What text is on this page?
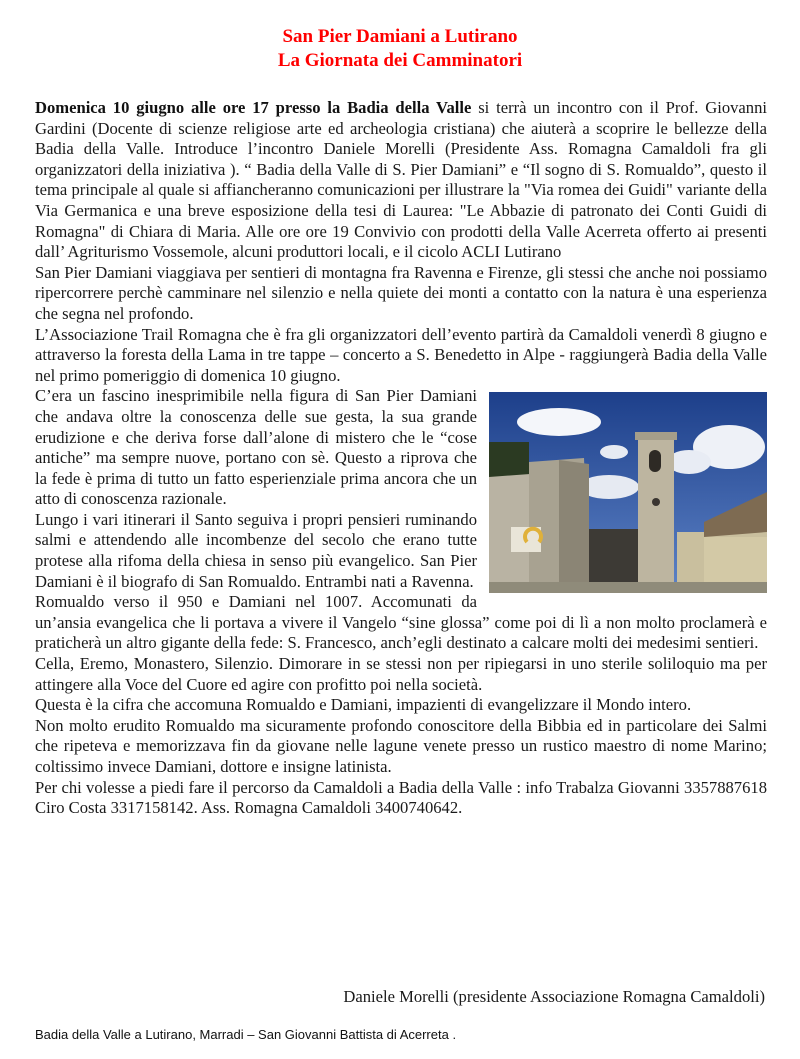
San Pier Damiani a Lutirano
La Giornata dei Camminatori

Domenica 10 giugno alle ore 17 presso la Badia della Valle si terrà un incontro con il Prof. Giovanni Gardini (Docente di scienze religiose arte ed archeologia cristiana) che aiuterà a scoprire le bellezze della Badia della Valle. Introduce l’incontro Daniele Morelli (Presidente Ass. Romagna Camaldoli fra gli organizzatori della iniziativa ). “ Badia della Valle di S. Pier Damiani” e “Il sogno di S. Romualdo”, questo il tema principale al quale si affiancheranno comunicazioni per illustrare la "Via romea dei Guidi" variante della Via Germanica e una breve esposizione della tesi di Laurea: "Le Abbazie di patronato dei Conti Guidi di Romagna" di Chiara di Maria. Alle ore ore 19 Convivio con prodotti della Valle Acerreta offerto ai presenti dall’ Agriturismo Vossemole, alcuni produttori locali, e il cicolo ACLI Lutirano

San Pier Damiani viaggiava per sentieri di montagna fra Ravenna e Firenze, gli stessi che anche noi possiamo ripercorrere perchè camminare nel silenzio e nella quiete dei monti a contatto con la natura è una esperienza che segna nel profondo.

L’Associazione Trail Romagna che è fra gli organizzatori dell’evento partirà da Camaldoli venerdì 8 giugno e attraverso la foresta della Lama in tre tappe – concerto a S. Benedetto in Alpe - raggiungerà Badia della Valle nel primo pomeriggio di domenica 10 giugno.

C’era un fascino inesprimibile nella figura di San Pier Damiani che andava oltre la conoscenza delle sue gesta, la sua grande erudizione e che deriva forse dall’alone di mistero che le “cose antiche” ma sempre nuove, portano con sè. Questo a riprova che la fede è prima di tutto un fatto esperienziale prima ancora che un atto di conoscenza razionale.

Lungo i vari itinerari il Santo seguiva i propri pensieri ruminando salmi e attendendo alle incombenze del secolo che erano tutte protese alla rifoma della chiesa in senso più evangelico. San Pier Damiani è il biografo di San Romualdo. Entrambi nati a Ravenna.

Romualdo verso il 950 e Damiani nel 1007. Accomunati da un’ansia evangelica che li portava a vivere il Vangelo “sine glossa” come poi di lì a non molto proclamerà e praticherà un altro gigante della fede: S. Francesco, anch’egli destinato a calcare molti dei medesimi sentieri.

Cella, Eremo, Monastero, Silenzio. Dimorare in se stessi non per ripiegarsi in uno sterile soliloquio ma per attingere alla Voce del Cuore ed agire con profitto poi nella società.

Questa è la cifra che accomuna Romualdo e Damiani, impazienti di evangelizzare il Mondo intero.

Non molto erudito Romualdo ma sicuramente profondo conoscitore della Bibbia ed in particolare dei Salmi che ripeteva e memorizzava fin da giovane nelle lagune venete presso un rustico maestro di nome Marino; coltissimo invece Damiani, dottore e insigne latinista.

Per chi volesse a piedi fare il percorso da Camaldoli a Badia della Valle : info Trabalza Giovanni 3357887618 Ciro Costa 3317158142. Ass. Romagna Camaldoli 3400740642.

Daniele Morelli (presidente Associazione Romagna Camaldoli)
Badia della Valle a Lutirano, Marradi – San Giovanni Battista di Acerreta .
